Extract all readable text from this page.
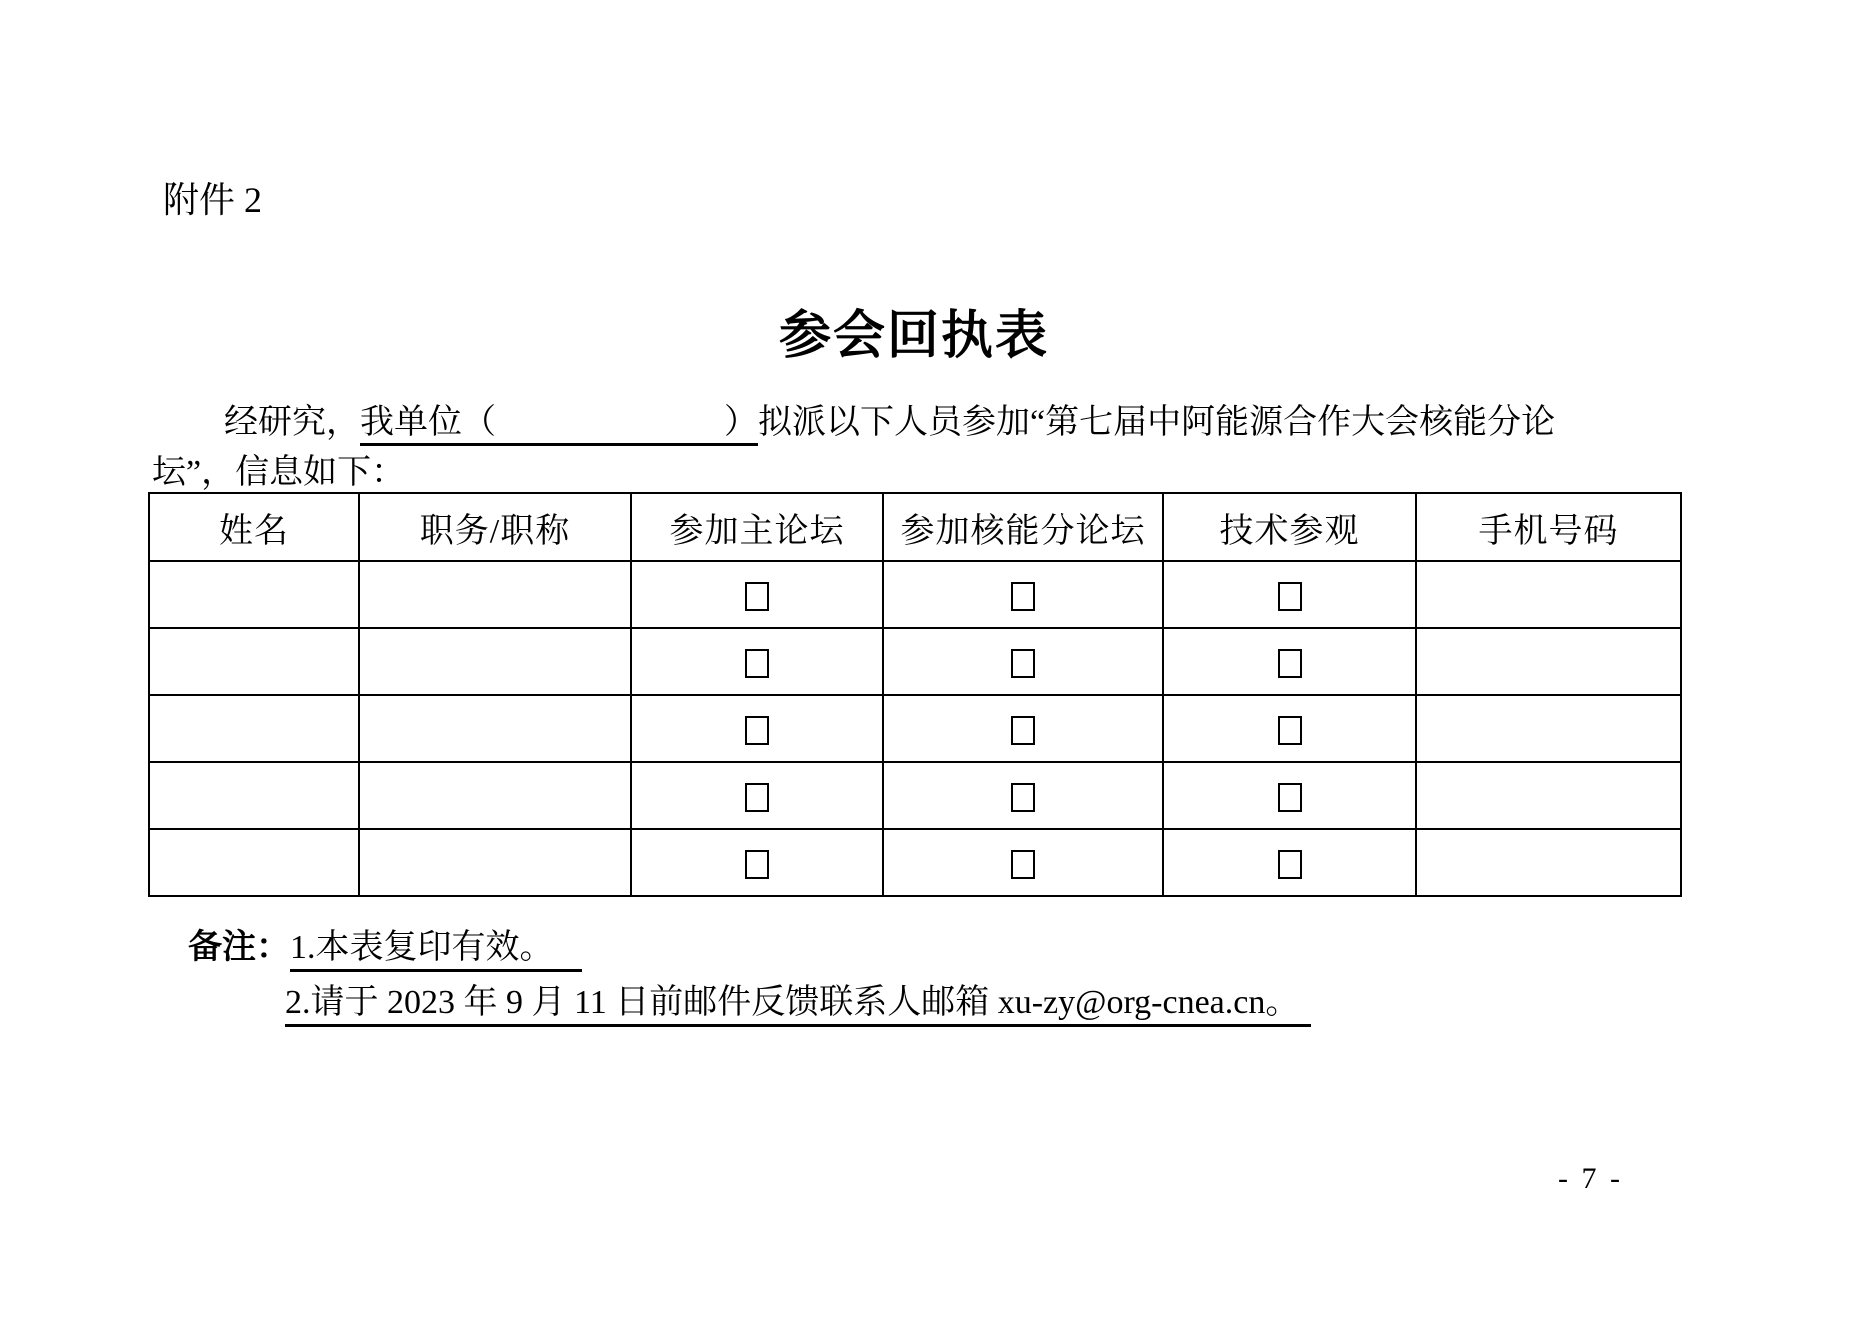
附件 2
参会回执表
经研究，我单位（	）拟派以下人员参加“第七届中阿能源合作大会核能分论
坛”，信息如下：
姓名	职务/职称	参加主论坛	参加核能分论坛	技术参观	手机号码

备注：1.本表复印有效。
2.请于 2023 年 9 月 11 日前邮件反馈联系人邮箱 xu-zy@org-cnea.cn。
- 7 -
